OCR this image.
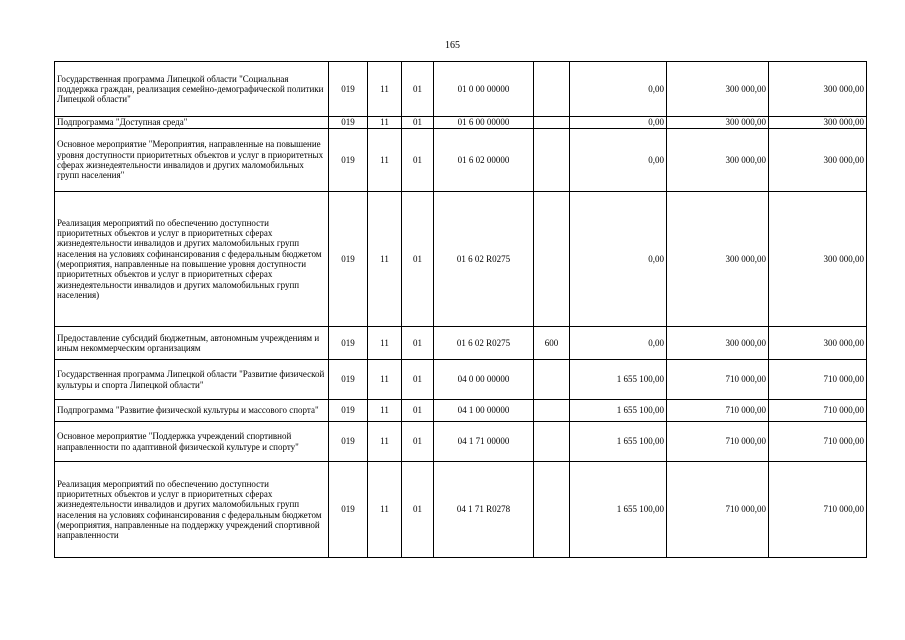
165
Государственная программа Липецкой области "Социальная поддержка граждан, реализация семейно-демографической политики Липецкой области"	019	11	01	01 0 00 00000		0,00	300 000,00	300 000,00
Подпрограмма "Доступная среда"	019	11	01	01 6 00 00000		0,00	300 000,00	300 000,00
Основное мероприятие "Мероприятия, направленные на повышение уровня доступности приоритетных объектов и услуг в приоритетных сферах жизнедеятельности инвалидов и других маломобильных групп населения"	019	11	01	01 6 02 00000		0,00	300 000,00	300 000,00
Реализация мероприятий по обеспечению доступности приоритетных объектов и услуг в приоритетных сферах жизнедеятельности инвалидов и других маломобильных групп населения на условиях софинансирования с федеральным бюджетом (мероприятия, направленные на повышение уровня доступности приоритетных объектов и услуг в приоритетных сферах жизнедеятельности инвалидов и других маломобильных групп населения)	019	11	01	01 6 02 R0275		0,00	300 000,00	300 000,00
Предоставление субсидий бюджетным, автономным учреждениям и иным некоммерческим организациям	019	11	01	01 6 02 R0275	600	0,00	300 000,00	300 000,00
Государственная программа Липецкой области "Развитие физической культуры и спорта Липецкой области"	019	11	01	04 0 00 00000		1 655 100,00	710 000,00	710 000,00
Подпрограмма "Развитие физической культуры и массового спорта"	019	11	01	04 1 00 00000		1 655 100,00	710 000,00	710 000,00
Основное мероприятие "Поддержка учреждений спортивной направленности по адаптивной физической культуре и спорту"	019	11	01	04 1 71 00000		1 655 100,00	710 000,00	710 000,00
Реализация мероприятий по обеспечению доступности приоритетных объектов и услуг в приоритетных сферах жизнедеятельности инвалидов и других маломобильных групп населения на условиях софинансирования с федеральным бюджетом (мероприятия, направленные на поддержку учреждений спортивной направленности	019	11	01	04 1 71 R0278		1 655 100,00	710 000,00	710 000,00
